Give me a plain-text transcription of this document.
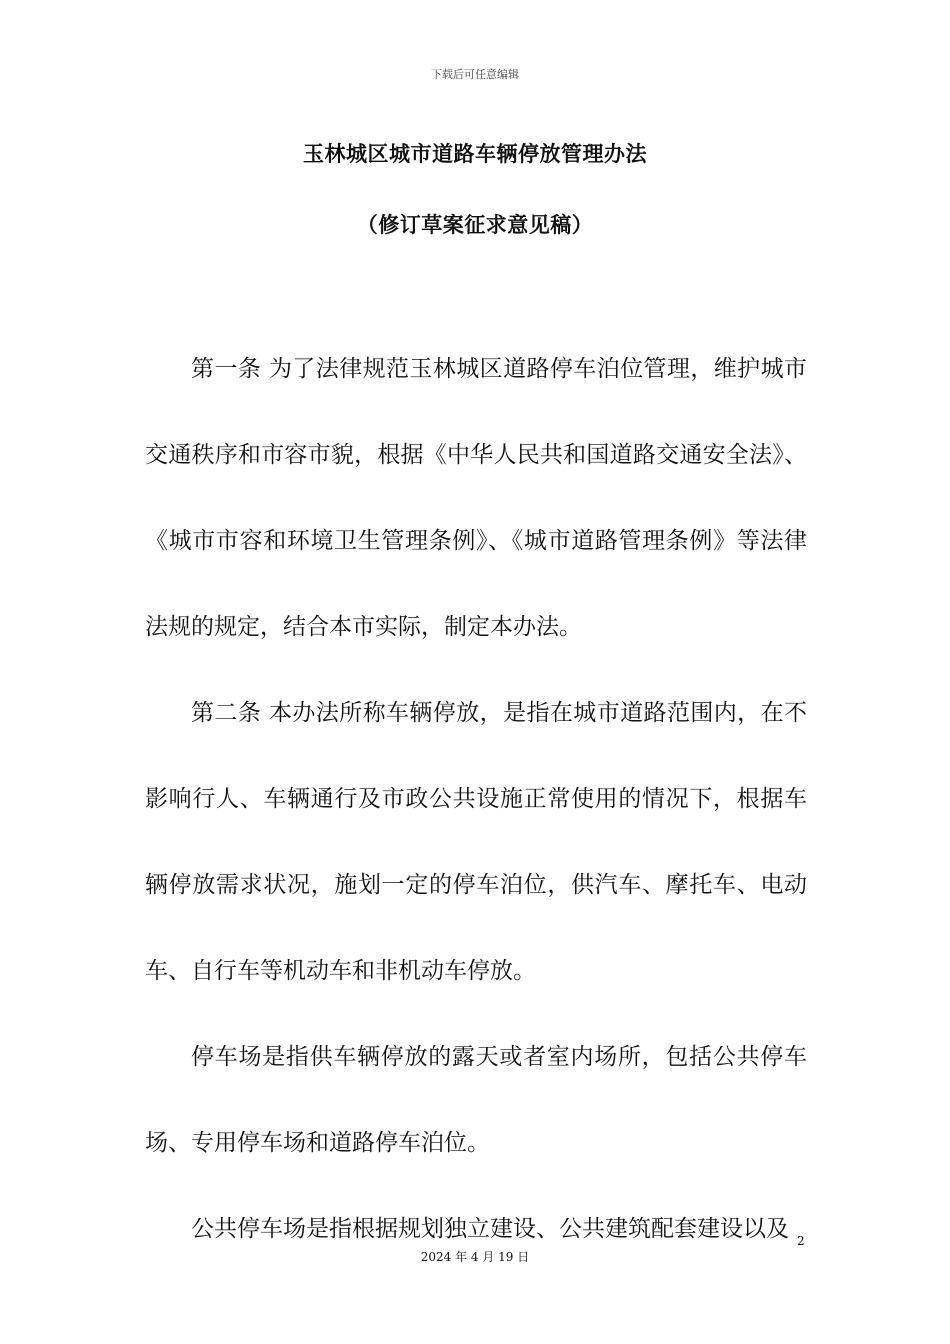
下载后可任意编辑
玉林城区城市道路车辆停放管理办法
（修订草案征求意见稿）

第一条 为了法律规范玉林城区道路停车泊位管理，维护城市交通秩序和市容市貌，根据《中华人民共和国道路交通安全法》、《城市市容和环境卫生管理条例》、《城市道路管理条例》等法律法规的规定，结合本市实际，制定本办法。

第二条 本办法所称车辆停放，是指在城市道路范围内，在不影响行人、车辆通行及市政公共设施正常使用的情况下，根据车辆停放需求状况，施划一定的停车泊位，供汽车、摩托车、电动车、自行车等机动车和非机动车停放。

停车场是指供车辆停放的露天或者室内场所，包括公共停车场、专用停车场和道路停车泊位。

公共停车场是指根据规划独立建设、公共建筑配套建设以及 2
2024 年 4 月 19 日
